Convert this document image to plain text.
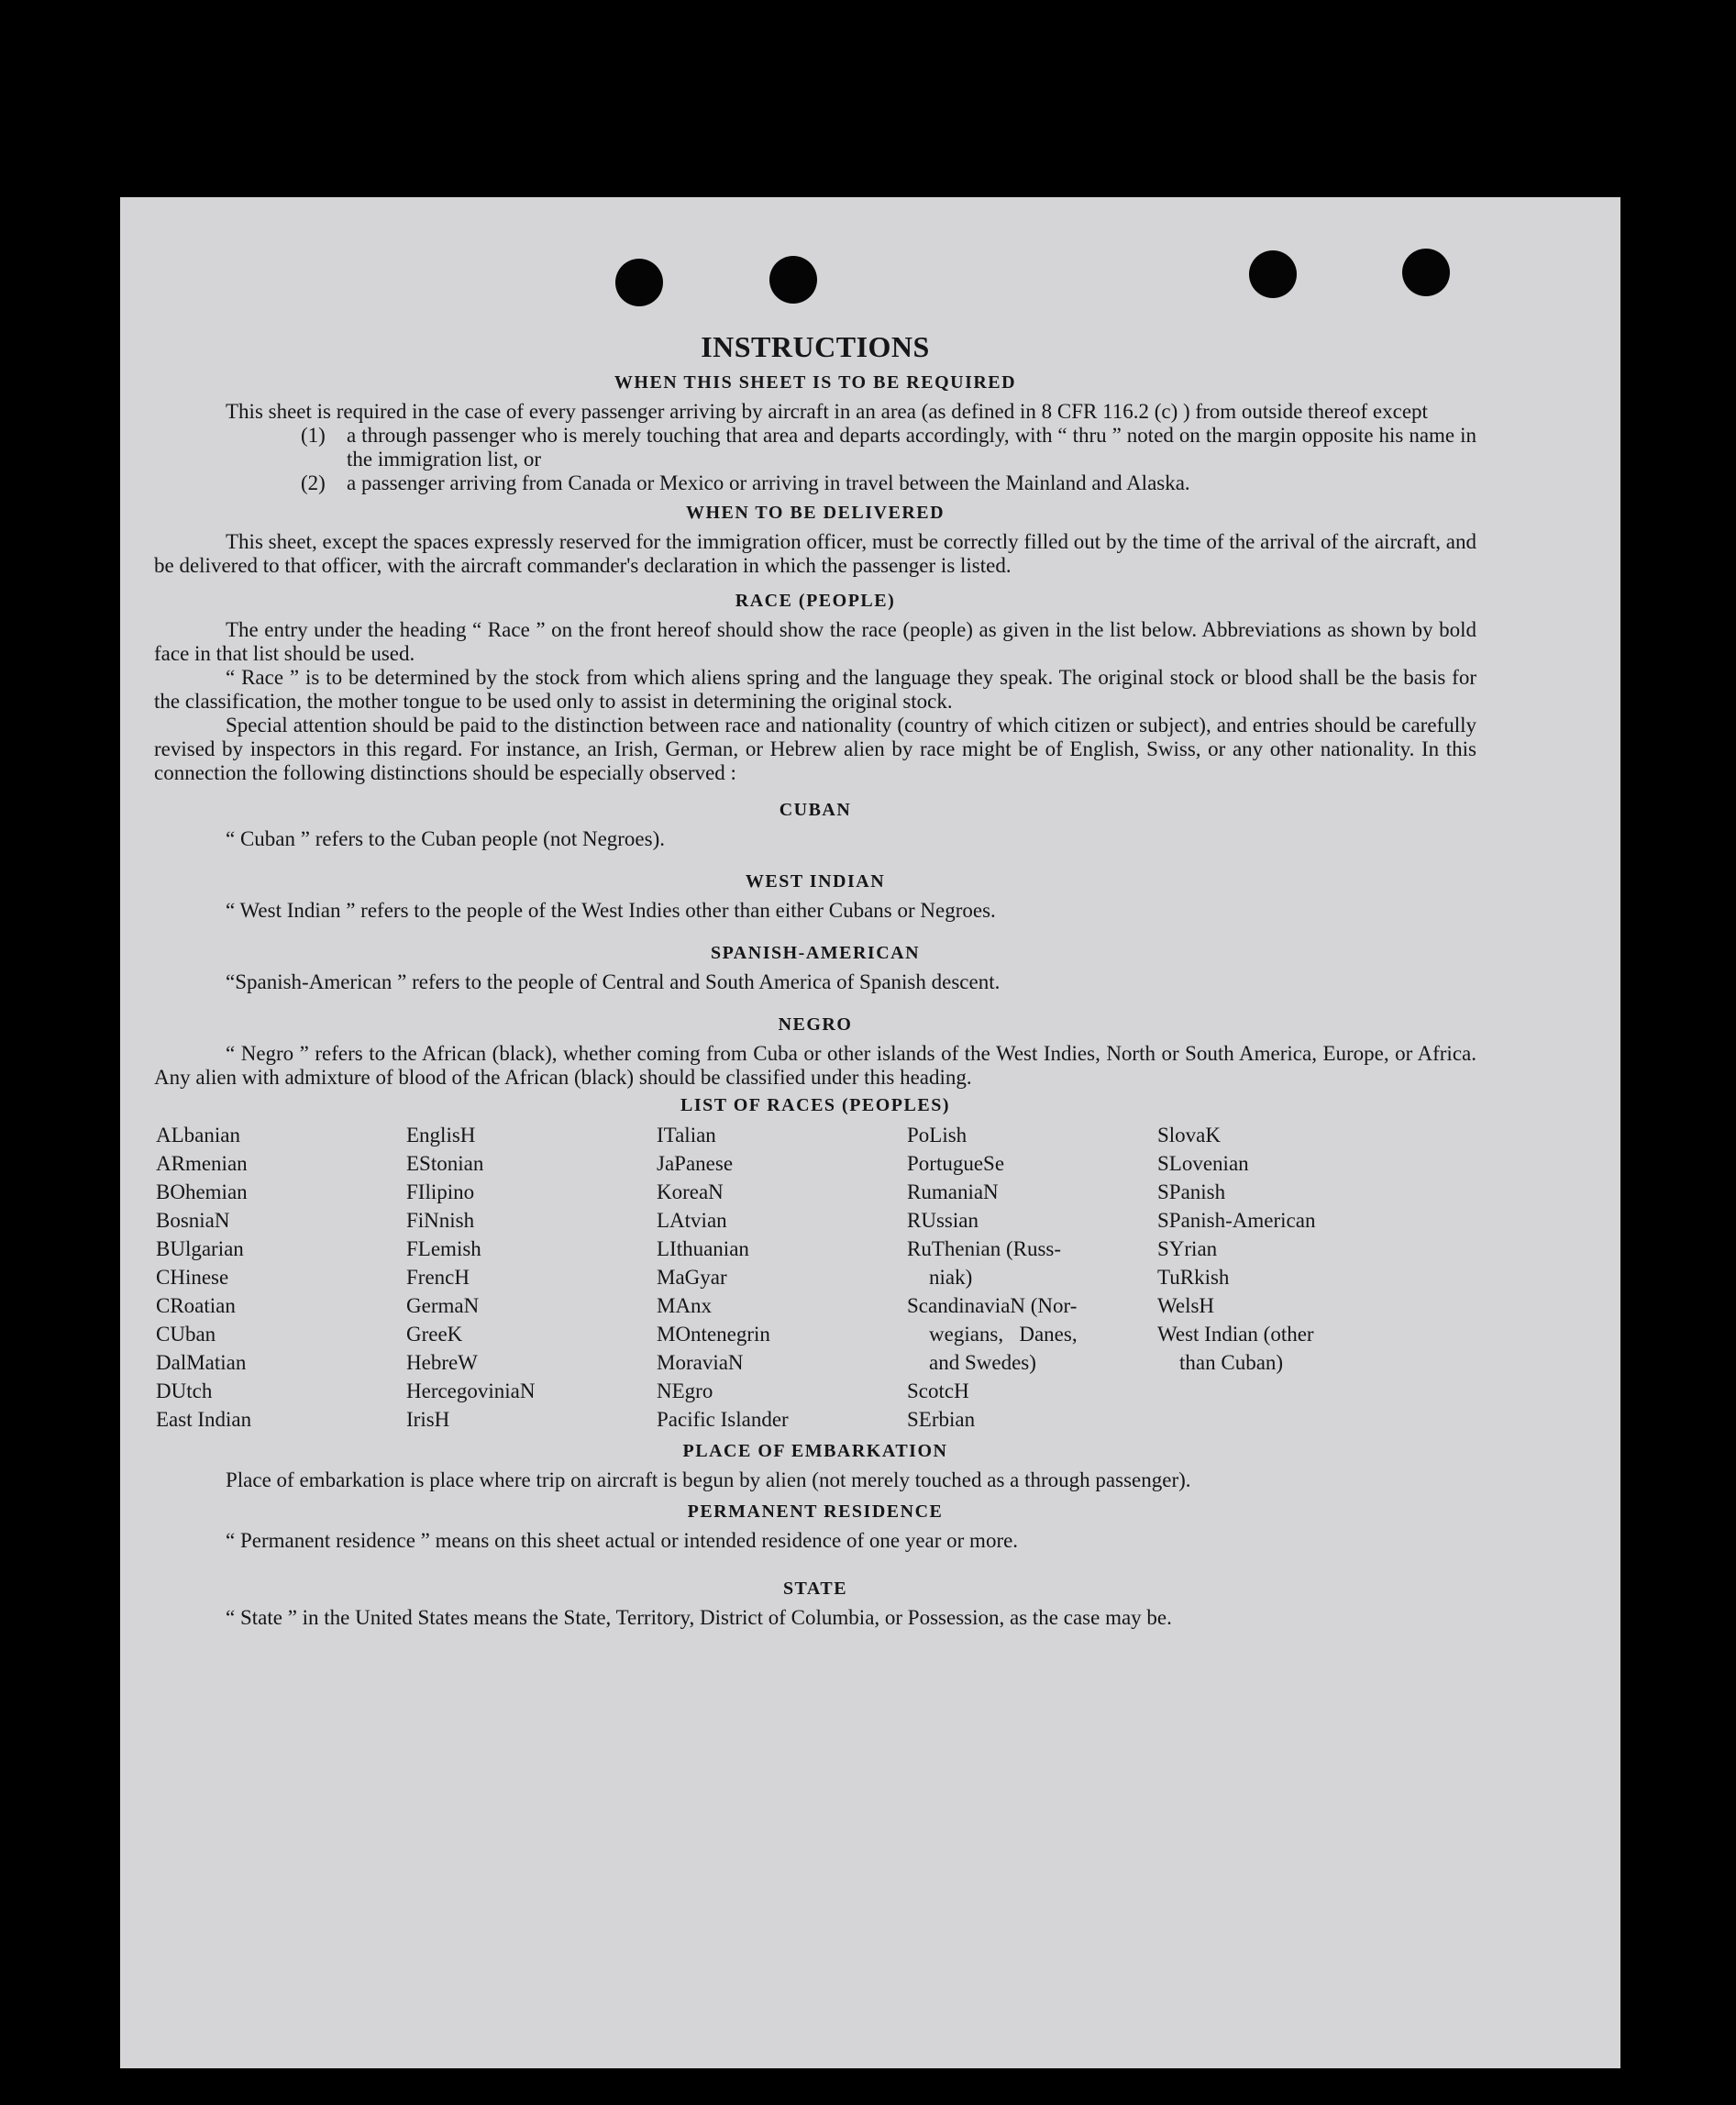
INSTRUCTIONS
WHEN THIS SHEET IS TO BE REQUIRED

This sheet is required in the case of every passenger arriving by aircraft in an area (as defined in 8 CFR 116.2 (c) ) from outside thereof except

(1) a through passenger who is merely touching that area and departs accordingly, with “ thru ” noted on the margin opposite his name in the immigration list, or
(2) a passenger arriving from Canada or Mexico or arriving in travel between the Mainland and Alaska.
WHEN TO BE DELIVERED

This sheet, except the spaces expressly reserved for the immigration officer, must be correctly filled out by the time of the arrival of the aircraft, and be delivered to that officer, with the aircraft commander's declaration in which the passenger is listed.

RACE (PEOPLE)

The entry under the heading “ Race ” on the front hereof should show the race (people) as given in the list below. Abbreviations as shown by bold face in that list should be used.

“ Race ” is to be determined by the stock from which aliens spring and the language they speak. The original stock or blood shall be the basis for the classification, the mother tongue to be used only to assist in determining the original stock.

Special attention should be paid to the distinction between race and nationality (country of which citizen or subject), and entries should be carefully revised by inspectors in this regard. For instance, an Irish, German, or Hebrew alien by race might be of English, Swiss, or any other nationality. In this connection the following distinctions should be especially observed :

CUBAN

“ Cuban ” refers to the Cuban people (not Negroes).

WEST INDIAN

“ West Indian ” refers to the people of the West Indies other than either Cubans or Negroes.

SPANISH-AMERICAN

“Spanish-American ” refers to the people of Central and South America of Spanish descent.

NEGRO

“ Negro ” refers to the African (black), whether coming from Cuba or other islands of the West Indies, North or South America, Europe, or Africa. Any alien with admixture of blood of the African (black) should be classified under this heading.

LIST OF RACES (PEOPLES)
ALbanian
ARmenian
BOhemian
BosniaN
BUlgarian
CHinese
CRoatian
CUban
DalMatian
DUtch
East Indian
EnglisH
EStonian
FIlipino
FiNnish
FLemish
FrencH
GermaN
GreeK
HebreW
HercegoviniaN
IrisH
ITalian
JaPanese
KoreaN
LAtvian
LIthuanian
MaGyar
MAnx
MOntenegrin
MoraviaN
NEgro
Pacific Islander
PoLish
PortugueSe
RumaniaN
RUssian
RuThenian (Russ-
niak)
ScandinaviaN (Nor-
wegians,   Danes,
and Swedes)
ScotcH
SErbian
SlovaK
SLovenian
SPanish
SPanish-American
SYrian
TuRkish
WelsH
West Indian (other
than Cuban)
PLACE OF EMBARKATION

Place of embarkation is place where trip on aircraft is begun by alien (not merely touched as a through passenger).

PERMANENT RESIDENCE

“ Permanent residence ” means on this sheet actual or intended residence of one year or more.

STATE

“ State ” in the United States means the State, Territory, District of Columbia, or Possession, as the case may be.
